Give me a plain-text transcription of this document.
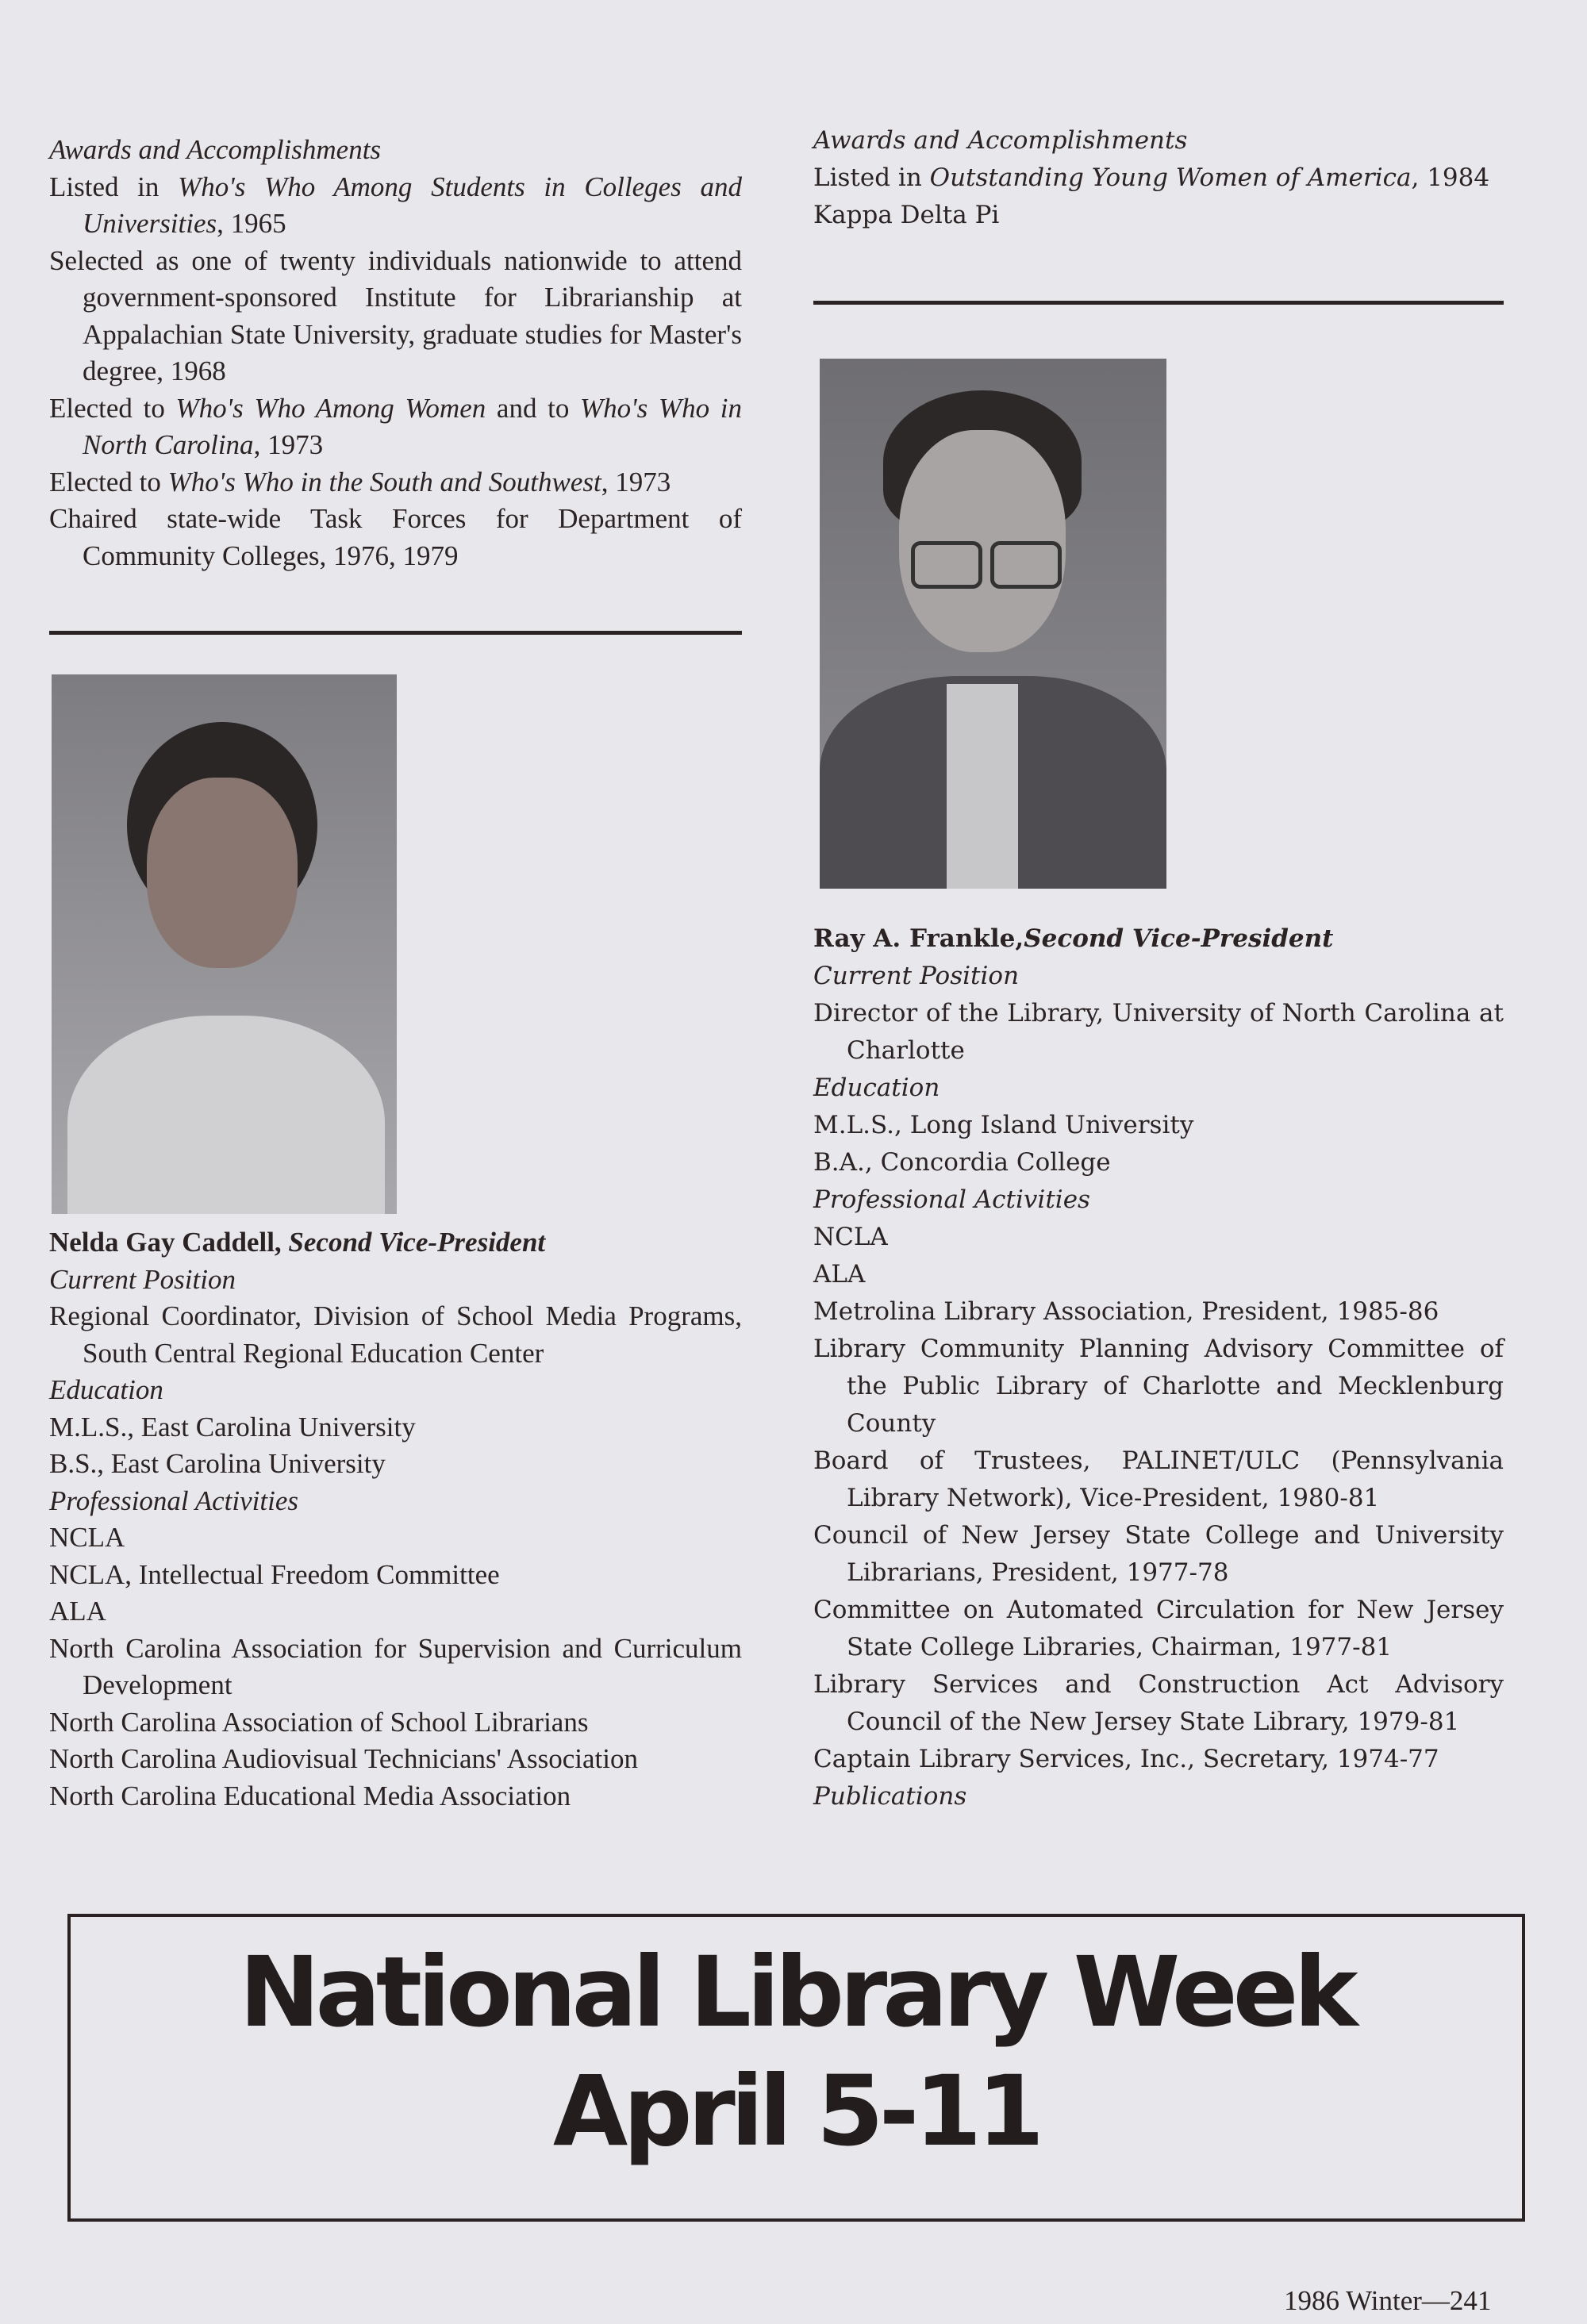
Awards and Accomplishments

Listed in Who's Who Among Students in Colleges and Universities, 1965

Selected as one of twenty individuals nationwide to attend government-sponsored Institute for Librarianship at Appalachian State University, graduate studies for Master's degree, 1968

Elected to Who's Who Among Women and to Who's Who in North Carolina, 1973

Elected to Who's Who in the South and Southwest, 1973

Chaired state-wide Task Forces for Department of Community Colleges, 1976, 1979

Nelda Gay Caddell, Second Vice-President

Current Position

Regional Coordinator, Division of School Media Programs, South Central Regional Education Center

Education

M.L.S., East Carolina University

B.S., East Carolina University

Professional Activities

NCLA

NCLA, Intellectual Freedom Committee

ALA

North Carolina Association for Supervision and Curriculum Development

North Carolina Association of School Librarians

North Carolina Audiovisual Technicians' Association

North Carolina Educational Media Association

Awards and Accomplishments

Listed in Outstanding Young Women of America, 1984

Kappa Delta Pi

Ray A. Frankle,Second Vice-President

Current Position

Director of the Library, University of North Carolina at Charlotte

Education

M.L.S., Long Island University

B.A., Concordia College

Professional Activities

NCLA

ALA

Metrolina Library Association, President, 1985-86

Library Community Planning Advisory Committee of the Public Library of Charlotte and Mecklenburg County

Board of Trustees, PALINET/ULC (Pennsylvania Library Network), Vice-President, 1980-81

Council of New Jersey State College and University Librarians, President, 1977-78

Committee on Automated Circulation for New Jersey State College Libraries, Chairman, 1977-81

Library Services and Construction Act Advisory Council of the New Jersey State Library, 1979-81

Captain Library Services, Inc., Secretary, 1974-77

Publications

National Library Week
April 5-11
1986 Winter—241
